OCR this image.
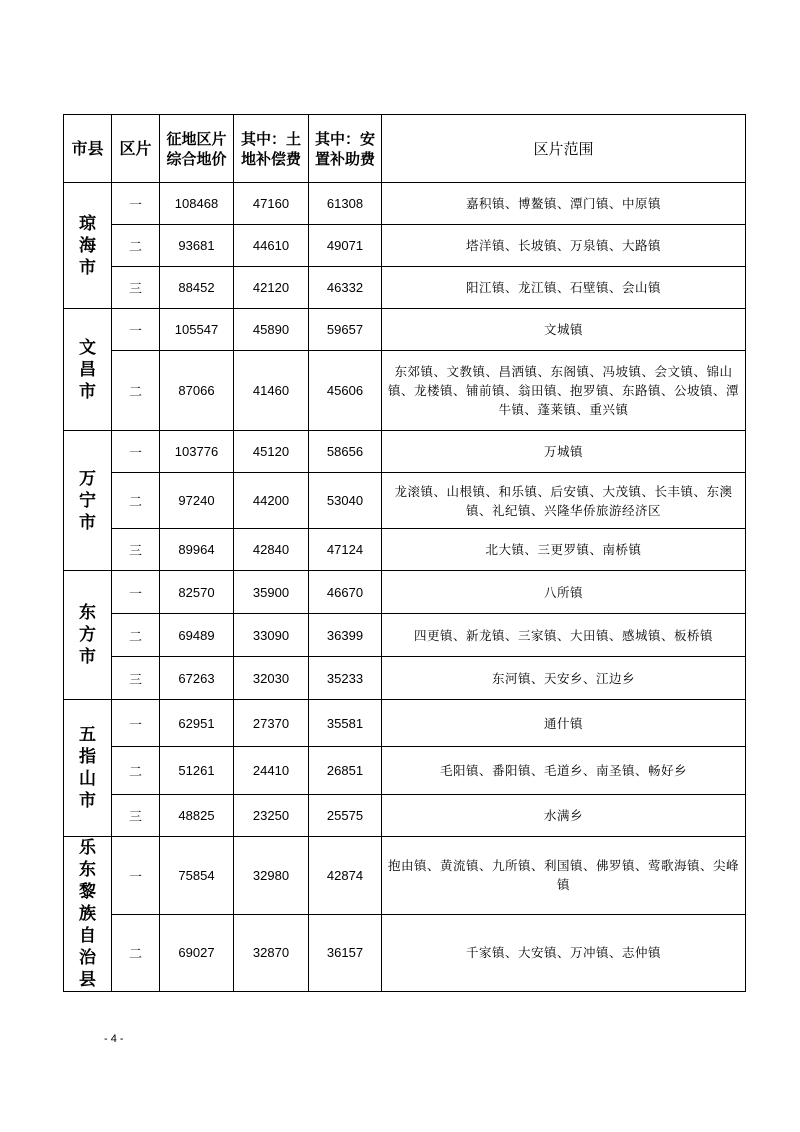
市县	区片	征地区片综合地价	其中：土地补偿费	其中：安置补助费	区片范围

琼海市	一	108468	47160	61308	嘉积镇、博鳌镇、潭门镇、中原镇
	二	93681	44610	49071	塔洋镇、长坡镇、万泉镇、大路镇
	三	88452	42120	46332	阳江镇、龙江镇、石壁镇、会山镇

文昌市	一	105547	45890	59657	文城镇
	二	87066	41460	45606	东郊镇、文教镇、昌洒镇、东阁镇、冯坡镇、会文镇、锦山镇、龙楼镇、铺前镇、翁田镇、抱罗镇、东路镇、公坡镇、潭牛镇、蓬莱镇、重兴镇

万宁市	一	103776	45120	58656	万城镇
	二	97240	44200	53040	龙滚镇、山根镇、和乐镇、后安镇、大茂镇、长丰镇、东澳镇、礼纪镇、兴隆华侨旅游经济区
	三	89964	42840	47124	北大镇、三更罗镇、南桥镇

东方市	一	82570	35900	46670	八所镇
	二	69489	33090	36399	四更镇、新龙镇、三家镇、大田镇、感城镇、板桥镇
	三	67263	32030	35233	东河镇、天安乡、江边乡

五指山市	一	62951	27370	35581	通什镇
	二	51261	24410	26851	毛阳镇、番阳镇、毛道乡、南圣镇、畅好乡
	三	48825	23250	25575	水满乡

乐东黎族自治县	一	75854	32980	42874	抱由镇、黄流镇、九所镇、利国镇、佛罗镇、莺歌海镇、尖峰镇
	二	69027	32870	36157	千家镇、大安镇、万冲镇、志仲镇
- 4 -
